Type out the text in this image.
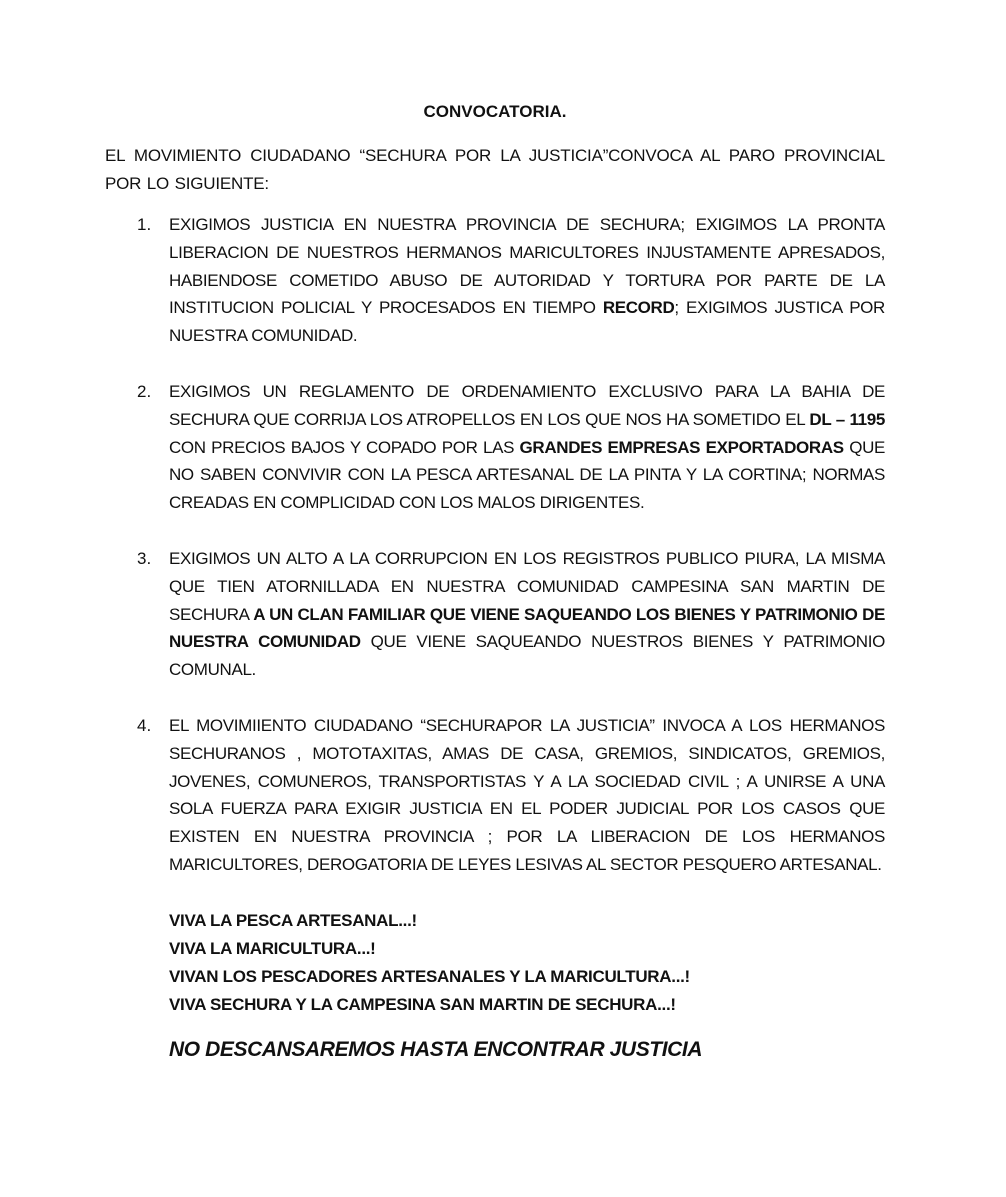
CONVOCATORIA.

EL MOVIMIENTO CIUDADANO “SECHURA POR LA JUSTICIA”CONVOCA AL PARO PROVINCIAL POR LO SIGUIENTE:

1. EXIGIMOS JUSTICIA EN NUESTRA PROVINCIA DE SECHURA; EXIGIMOS LA PRONTA LIBERACION DE NUESTROS HERMANOS MARICULTORES INJUSTAMENTE APRESADOS, HABIENDOSE COMETIDO ABUSO DE AUTORIDAD Y TORTURA POR PARTE DE LA INSTITUCION POLICIAL Y PROCESADOS EN TIEMPO RECORD; EXIGIMOS JUSTICA POR NUESTRA COMUNIDAD.
2. EXIGIMOS UN REGLAMENTO DE ORDENAMIENTO EXCLUSIVO PARA LA BAHIA DE SECHURA QUE CORRIJA LOS ATROPELLOS EN LOS QUE NOS HA SOMETIDO EL DL – 1195 CON PRECIOS BAJOS Y COPADO POR LAS GRANDES EMPRESAS EXPORTADORAS QUE NO SABEN CONVIVIR CON LA PESCA ARTESANAL DE LA PINTA Y LA CORTINA; NORMAS CREADAS EN COMPLICIDAD CON LOS MALOS DIRIGENTES.
3. EXIGIMOS UN ALTO A LA CORRUPCION EN LOS REGISTROS PUBLICO PIURA, LA MISMA QUE TIEN ATORNILLADA EN NUESTRA COMUNIDAD CAMPESINA SAN MARTIN DE SECHURA A UN CLAN FAMILIAR QUE VIENE SAQUEANDO LOS BIENES Y PATRIMONIO DE NUESTRA COMUNIDAD QUE VIENE SAQUEANDO NUESTROS BIENES Y PATRIMONIO COMUNAL.
4. EL MOVIMIIENTO CIUDADANO “SECHURAPOR LA JUSTICIA” INVOCA A LOS HERMANOS SECHURANOS , MOTOTAXITAS, AMAS DE CASA, GREMIOS, SINDICATOS, GREMIOS, JOVENES, COMUNEROS, TRANSPORTISTAS Y A LA SOCIEDAD CIVIL ; A UNIRSE A UNA SOLA FUERZA PARA EXIGIR JUSTICIA EN EL PODER JUDICIAL POR LOS CASOS QUE EXISTEN EN NUESTRA PROVINCIA ; POR LA LIBERACION DE LOS HERMANOS MARICULTORES, DEROGATORIA DE LEYES LESIVAS AL SECTOR PESQUERO ARTESANAL.
VIVA LA PESCA ARTESANAL...!
VIVA LA MARICULTURA...!
VIVAN LOS PESCADORES ARTESANALES Y LA MARICULTURA...!
VIVA SECHURA Y LA CAMPESINA SAN MARTIN DE SECHURA...!
NO DESCANSAREMOS HASTA ENCONTRAR JUSTICIA
